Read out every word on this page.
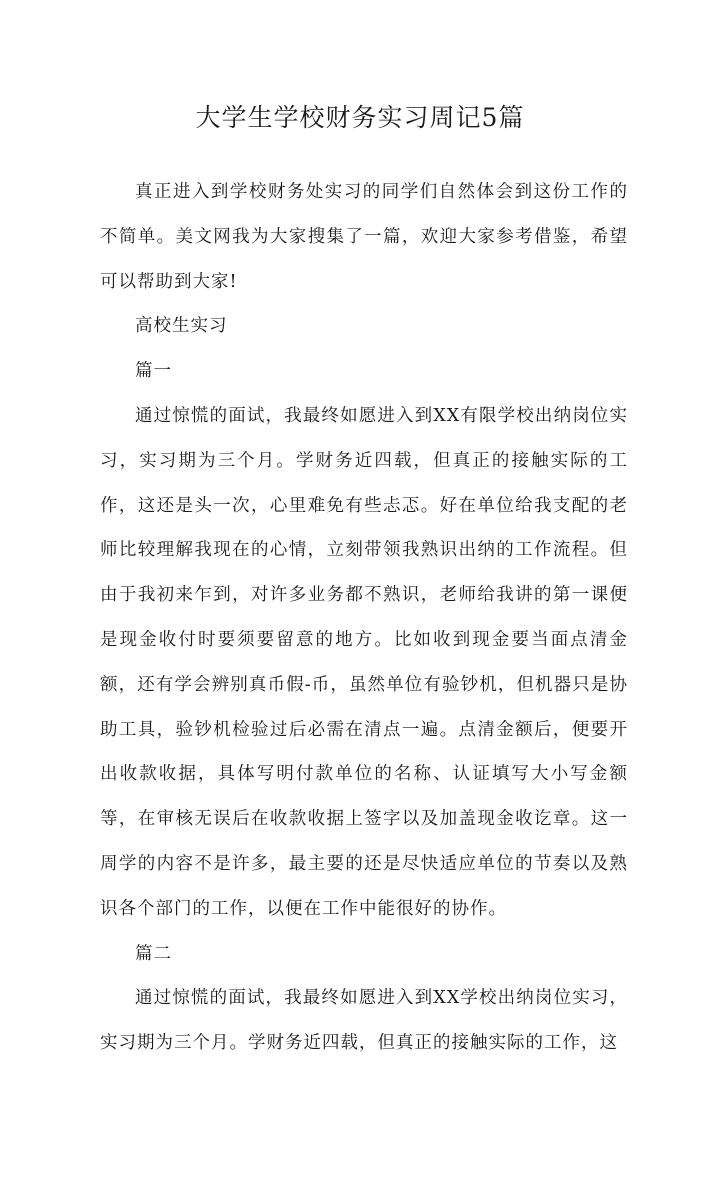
大学生学校财务实习周记5篇

真正进入到学校财务处实习的同学们自然体会到这份工作的不简单。美文网我为大家搜集了一篇，欢迎大家参考借鉴，希望可以帮助到大家!

高校生实习

篇一

通过惊慌的面试，我最终如愿进入到XX有限学校出纳岗位实习，实习期为三个月。学财务近四载，但真正的接触实际的工作，这还是头一次，心里难免有些忐忑。好在单位给我支配的老师比较理解我现在的心情，立刻带领我熟识出纳的工作流程。但由于我初来乍到，对许多业务都不熟识，老师给我讲的第一课便是现金收付时要须要留意的地方。比如收到现金要当面点清金额，还有学会辨别真币假-币，虽然单位有验钞机，但机器只是协助工具，验钞机检验过后必需在清点一遍。点清金额后，便要开出收款收据，具体写明付款单位的名称、认证填写大小写金额等，在审核无误后在收款收据上签字以及加盖现金收讫章。这一周学的内容不是许多，最主要的还是尽快适应单位的节奏以及熟识各个部门的工作，以便在工作中能很好的协作。

篇二

通过惊慌的面试，我最终如愿进入到XX学校出纳岗位实习，实习期为三个月。学财务近四载，但真正的接触实际的工作，这
